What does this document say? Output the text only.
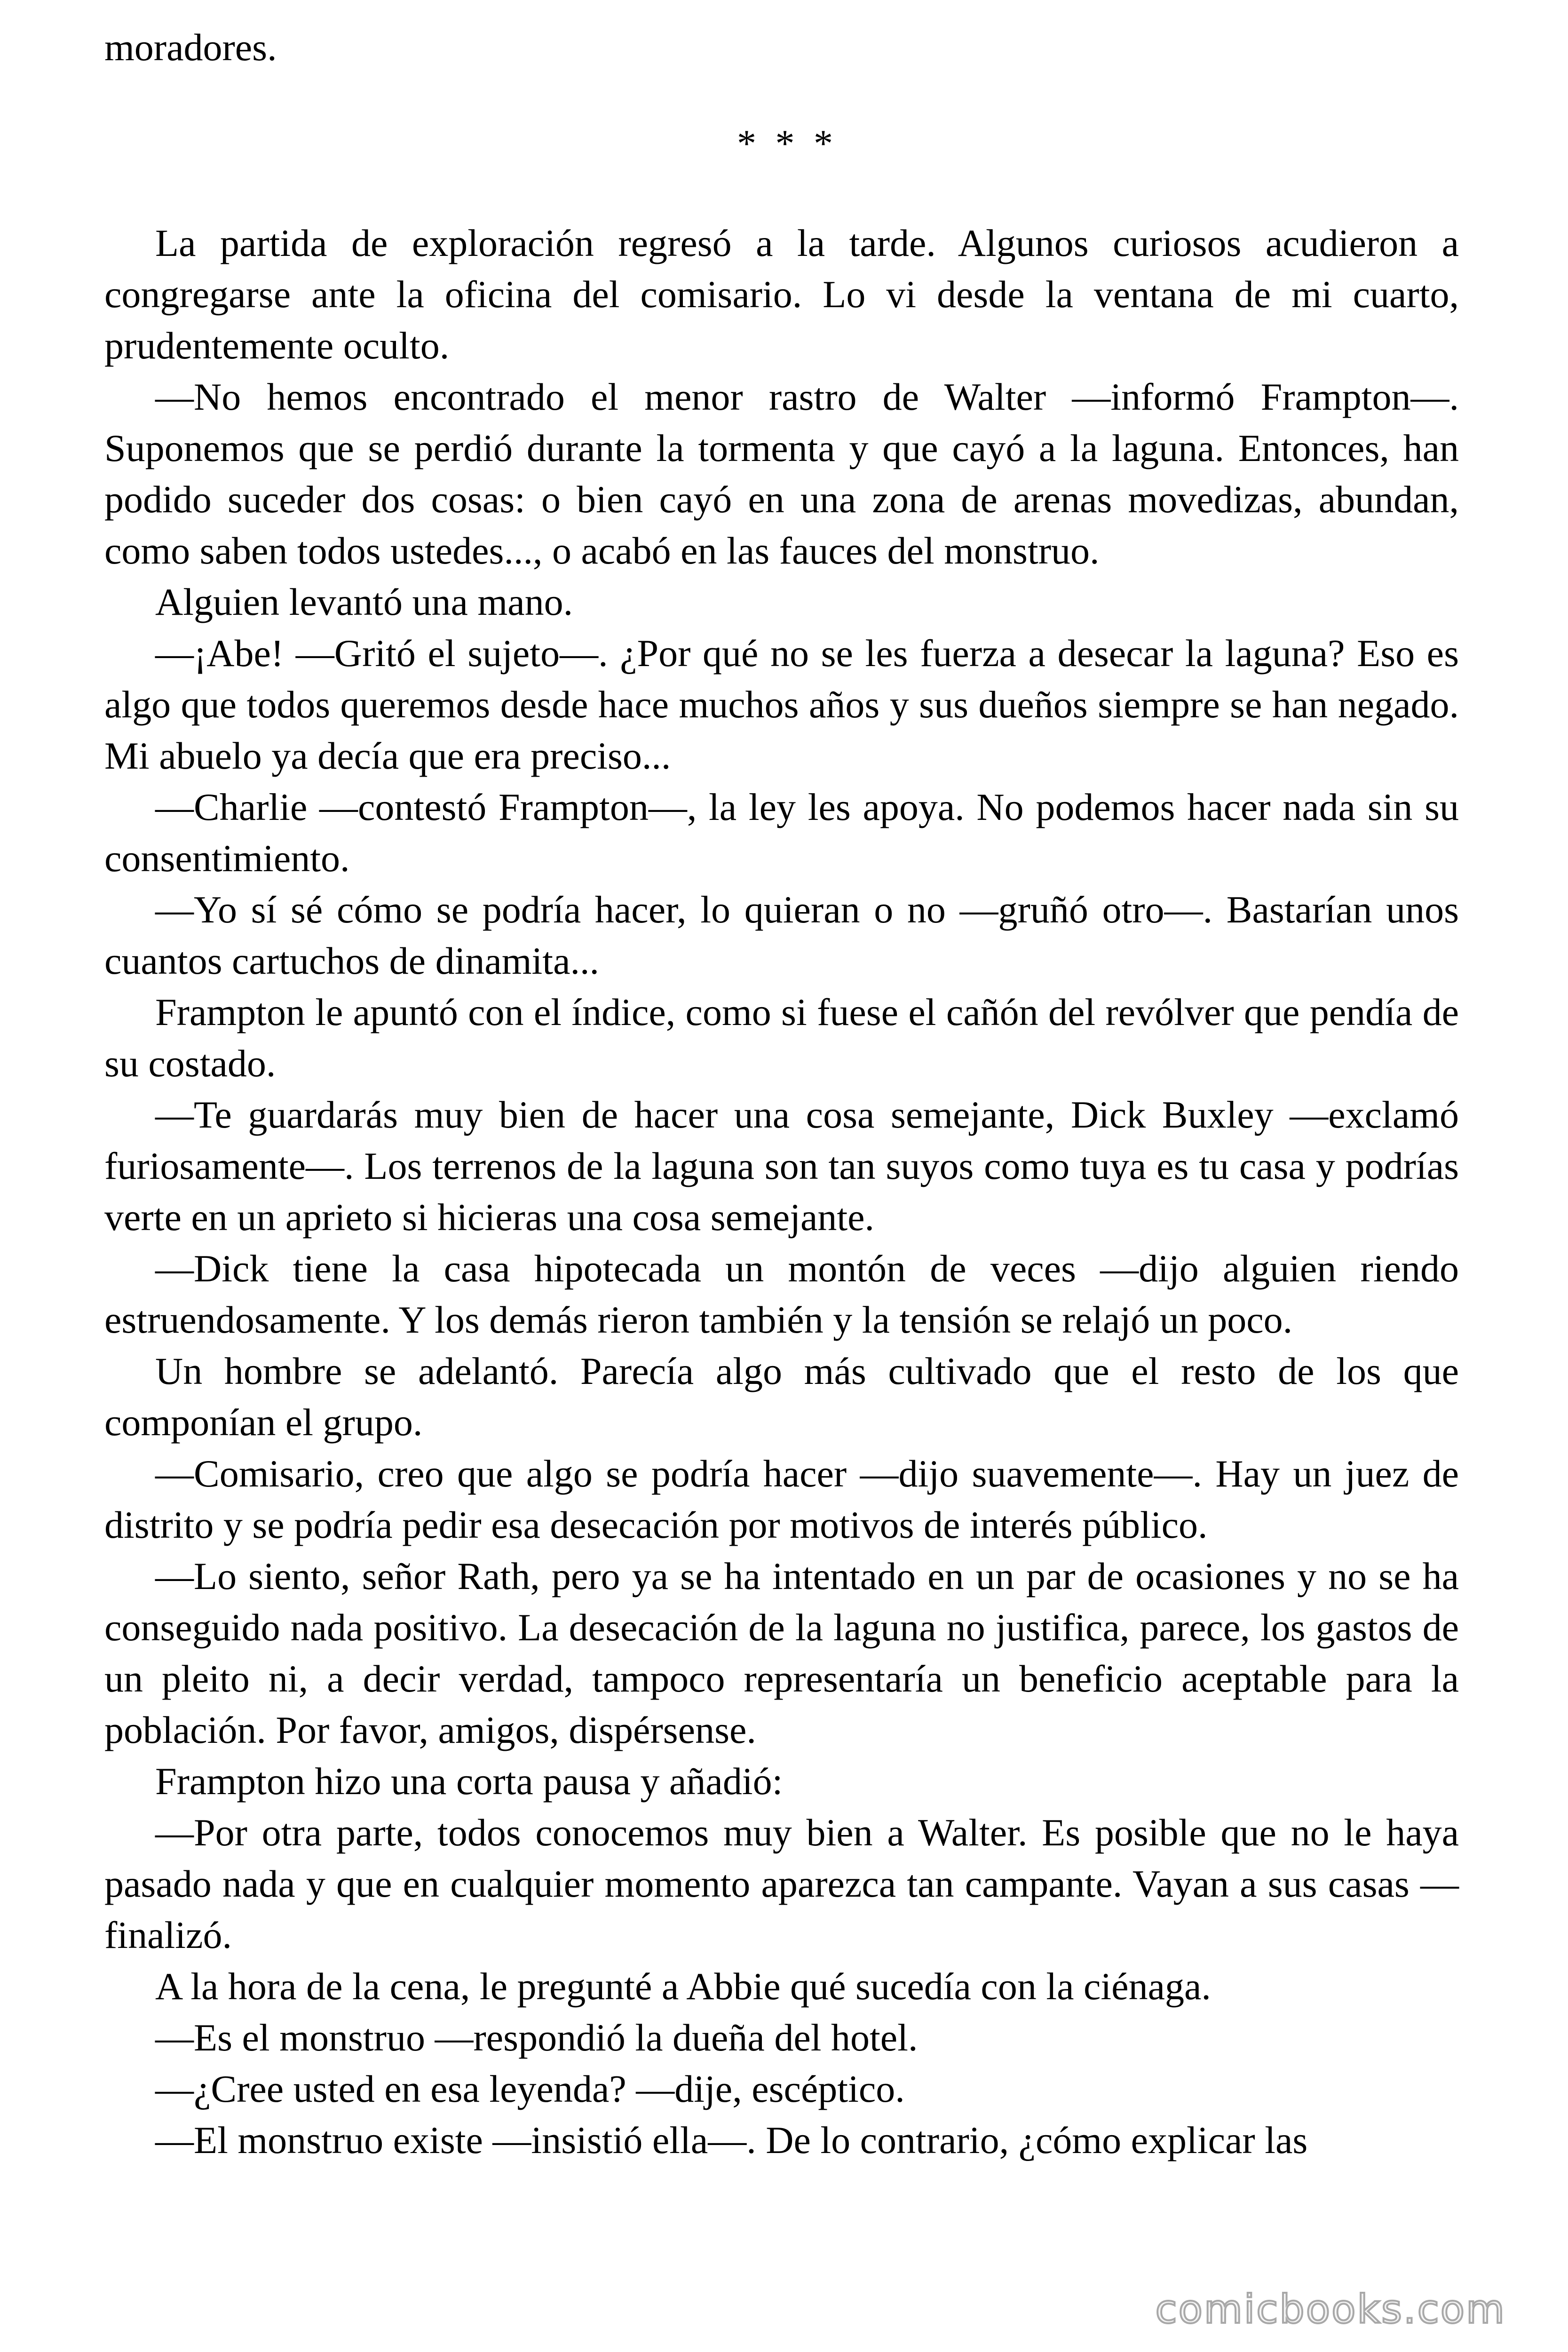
moradores.

* * *

La partida de exploración regresó a la tarde. Algunos curiosos acudieron a congregarse ante la oficina del comisario. Lo vi desde la ventana de mi cuarto, prudentemente oculto.

—No hemos encontrado el menor rastro de Walter —informó Frampton—. Suponemos que se perdió durante la tormenta y que cayó a la laguna. Entonces, han podido suceder dos cosas: o bien cayó en una zona de arenas movedizas, abundan, como saben todos ustedes..., o acabó en las fauces del monstruo.

Alguien levantó una mano.

—¡Abe! —Gritó el sujeto—. ¿Por qué no se les fuerza a desecar la laguna? Eso es algo que todos queremos desde hace muchos años y sus dueños siempre se han negado. Mi abuelo ya decía que era preciso...

—Charlie —contestó Frampton—, la ley les apoya. No podemos hacer nada sin su consentimiento.

—Yo sí sé cómo se podría hacer, lo quieran o no —gruñó otro—. Bastarían unos cuantos cartuchos de dinamita...

Frampton le apuntó con el índice, como si fuese el cañón del revólver que pendía de su costado.

—Te guardarás muy bien de hacer una cosa semejante, Dick Buxley —exclamó furiosamente—. Los terrenos de la laguna son tan suyos como tuya es tu casa y podrías verte en un aprieto si hicieras una cosa semejante.

—Dick tiene la casa hipotecada un montón de veces —dijo alguien riendo estruendosamente. Y los demás rieron también y la tensión se relajó un poco.

Un hombre se adelantó. Parecía algo más cultivado que el resto de los que componían el grupo.

—Comisario, creo que algo se podría hacer —dijo suavemente—. Hay un juez de distrito y se podría pedir esa desecación por motivos de interés público.

—Lo siento, señor Rath, pero ya se ha intentado en un par de ocasiones y no se ha conseguido nada positivo. La desecación de la laguna no justifica, parece, los gastos de un pleito ni, a decir verdad, tampoco representaría un beneficio aceptable para la población. Por favor, amigos, dispérsense.

Frampton hizo una corta pausa y añadió:

—Por otra parte, todos conocemos muy bien a Walter. Es posible que no le haya pasado nada y que en cualquier momento aparezca tan campante. Vayan a sus casas —finalizó.

A la hora de la cena, le pregunté a Abbie qué sucedía con la ciénaga.

—Es el monstruo —respondió la dueña del hotel.

—¿Cree usted en esa leyenda? —dije, escéptico.

—El monstruo existe —insistió ella—. De lo contrario, ¿cómo explicar las

comicbooks.com
